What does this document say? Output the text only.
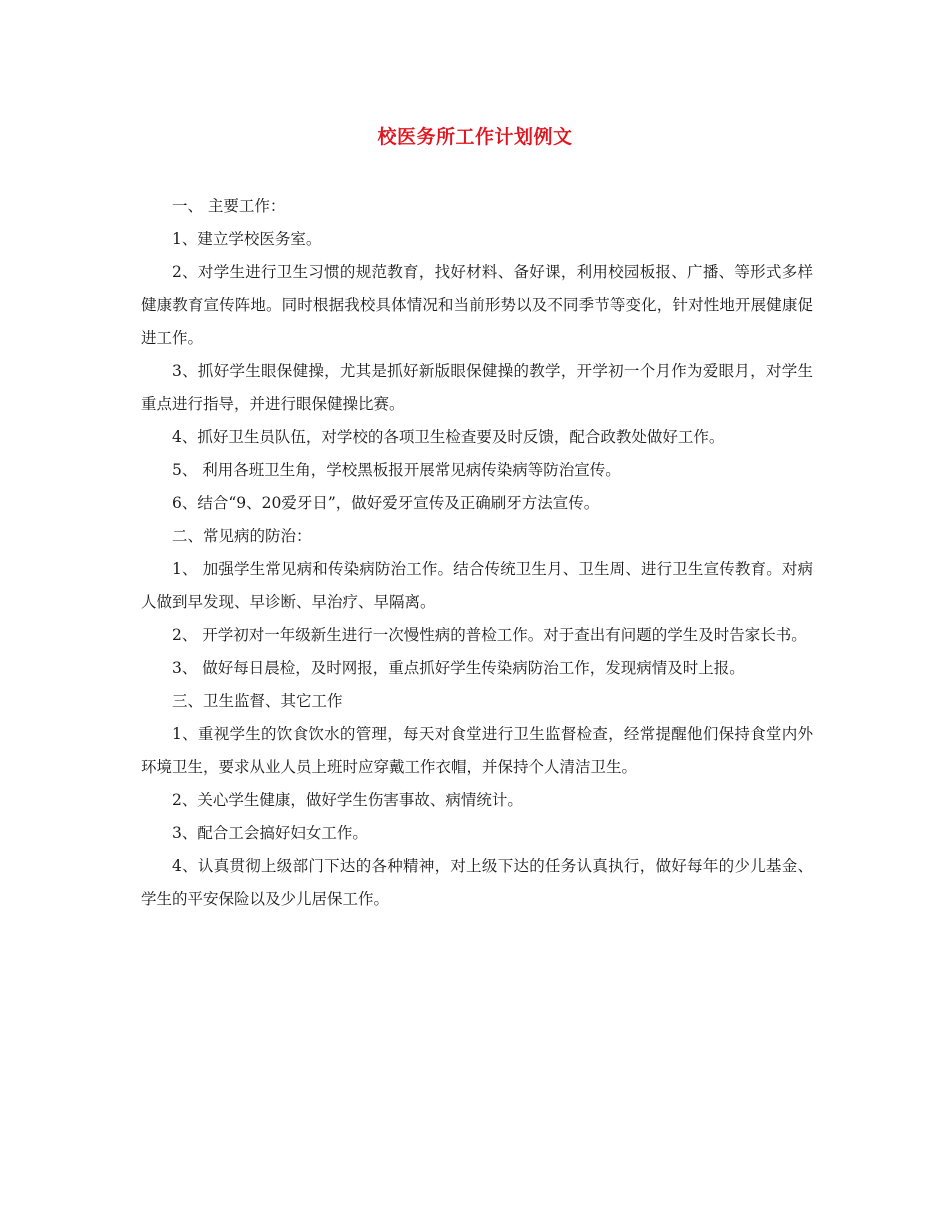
校医务所工作计划例文

一、 主要工作：

1、建立学校医务室。

2、对学生进行卫生习惯的规范教育，找好材料、备好课，利用校园板报、广播、等形式多样健康教育宣传阵地。同时根据我校具体情况和当前形势以及不同季节等变化，针对性地开展健康促进工作。

3、抓好学生眼保健操，尤其是抓好新版眼保健操的教学，开学初一个月作为爱眼月，对学生重点进行指导，并进行眼保健操比赛。

4、抓好卫生员队伍，对学校的各项卫生检查要及时反馈，配合政教处做好工作。

5、 利用各班卫生角，学校黑板报开展常见病传染病等防治宣传。

6、结合“9、20爱牙日”，做好爱牙宣传及正确刷牙方法宣传。

二、常见病的防治：

1、 加强学生常见病和传染病防治工作。结合传统卫生月、卫生周、进行卫生宣传教育。对病人做到早发现、早诊断、早治疗、早隔离。

2、 开学初对一年级新生进行一次慢性病的普检工作。对于查出有问题的学生及时告家长书。

3、 做好每日晨检，及时网报，重点抓好学生传染病防治工作，发现病情及时上报。

三、卫生监督、其它工作

1、重视学生的饮食饮水的管理，每天对食堂进行卫生监督检查，经常提醒他们保持食堂内外环境卫生，要求从业人员上班时应穿戴工作衣帽，并保持个人清洁卫生。

2、关心学生健康，做好学生伤害事故、病情统计。

3、配合工会搞好妇女工作。

4、认真贯彻上级部门下达的各种精神，对上级下达的任务认真执行，做好每年的少儿基金、学生的平安保险以及少儿居保工作。
